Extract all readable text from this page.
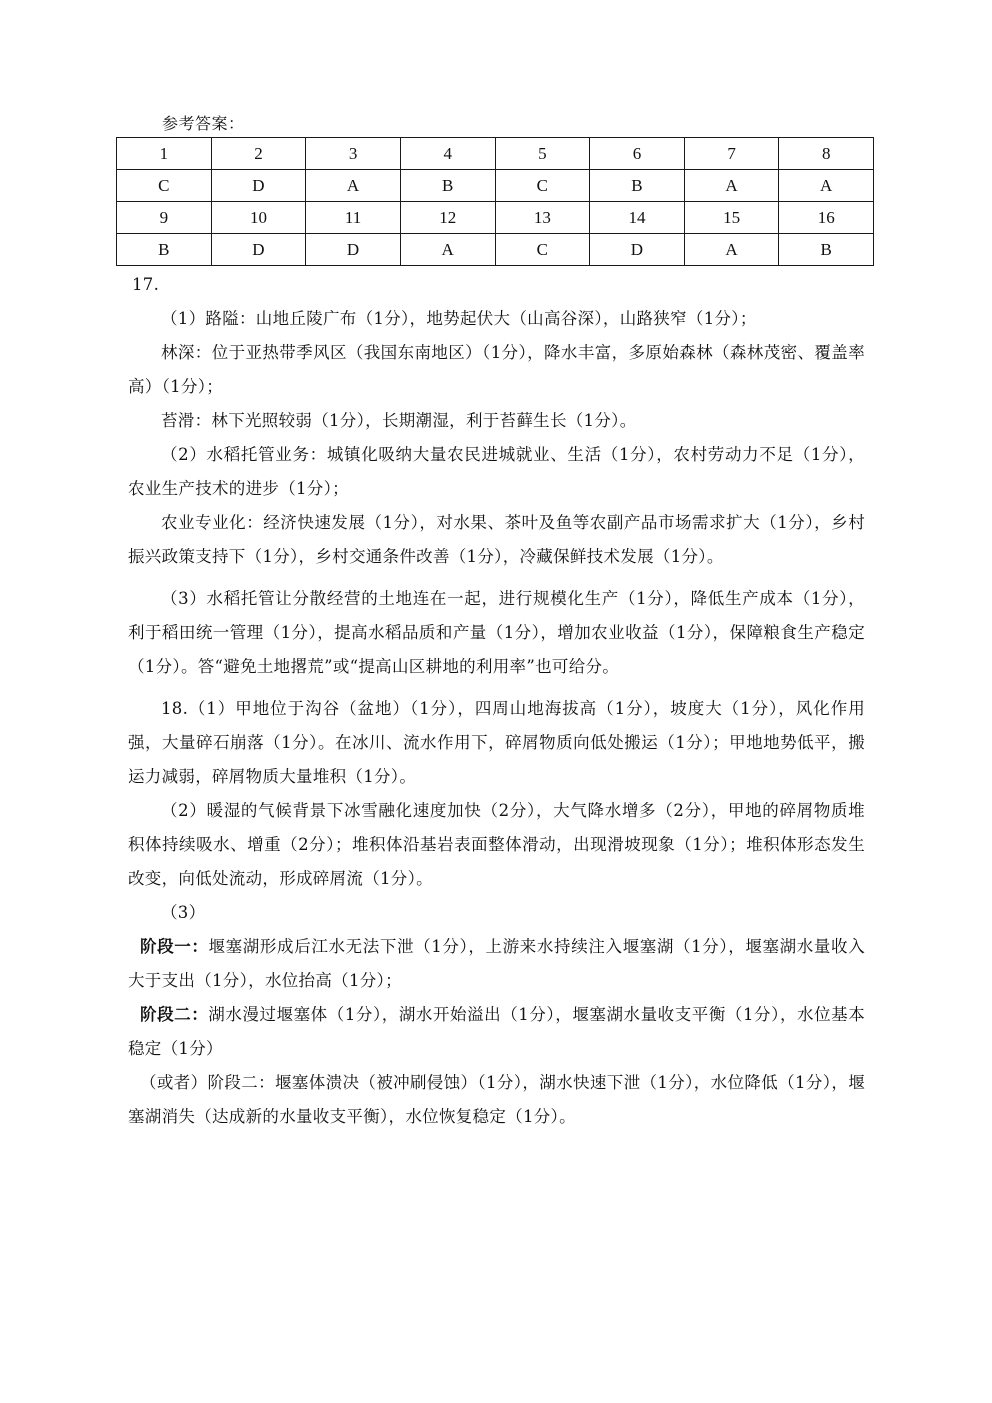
参考答案：
1	2	3	4	5	6	7	8
C	D	A	B	C	B	A	A
9	10	11	12	13	14	15	16
B	D	D	A	C	D	A	B

17.

（1）路隘：山地丘陵广布（1分），地势起伏大（山高谷深），山路狭窄（1分）；

林深：位于亚热带季风区（我国东南地区）（1分），降水丰富，多原始森林（森林茂密、覆盖率高）（1分）；

苔滑：林下光照较弱（1分），长期潮湿，利于苔藓生长（1分）。

（2）水稻托管业务：城镇化吸纳大量农民进城就业、生活（1分），农村劳动力不足（1分），农业生产技术的进步（1分）；

农业专业化：经济快速发展（1分），对水果、茶叶及鱼等农副产品市场需求扩大（1分），乡村振兴政策支持下（1分），乡村交通条件改善（1分），冷藏保鲜技术发展（1分）。

（3）水稻托管让分散经营的土地连在一起，进行规模化生产（1分），降低生产成本（1分），利于稻田统一管理（1分），提高水稻品质和产量（1分），增加农业收益（1分），保障粮食生产稳定（1分）。答“避免土地撂荒”或“提高山区耕地的利用率”也可给分。

18.（1）甲地位于沟谷（盆地）（1分），四周山地海拔高（1分），坡度大（1分），风化作用强，大量碎石崩落（1分）。在冰川、流水作用下，碎屑物质向低处搬运（1分）；甲地地势低平，搬运力减弱，碎屑物质大量堆积（1分）。

（2）暖湿的气候背景下冰雪融化速度加快（2分），大气降水增多（2分），甲地的碎屑物质堆积体持续吸水、增重（2分）；堆积体沿基岩表面整体滑动，出现滑坡现象（1分）；堆积体形态发生改变，向低处流动，形成碎屑流（1分）。

（3）

阶段一：堰塞湖形成后江水无法下泄（1分），上游来水持续注入堰塞湖（1分），堰塞湖水量收入大于支出（1分），水位抬高（1分）；

阶段二：湖水漫过堰塞体（1分），湖水开始溢出（1分），堰塞湖水量收支平衡（1分），水位基本稳定（1分）

（或者）阶段二：堰塞体溃决（被冲刷侵蚀）（1分），湖水快速下泄（1分），水位降低（1分），堰塞湖消失（达成新的水量收支平衡），水位恢复稳定（1分）。
